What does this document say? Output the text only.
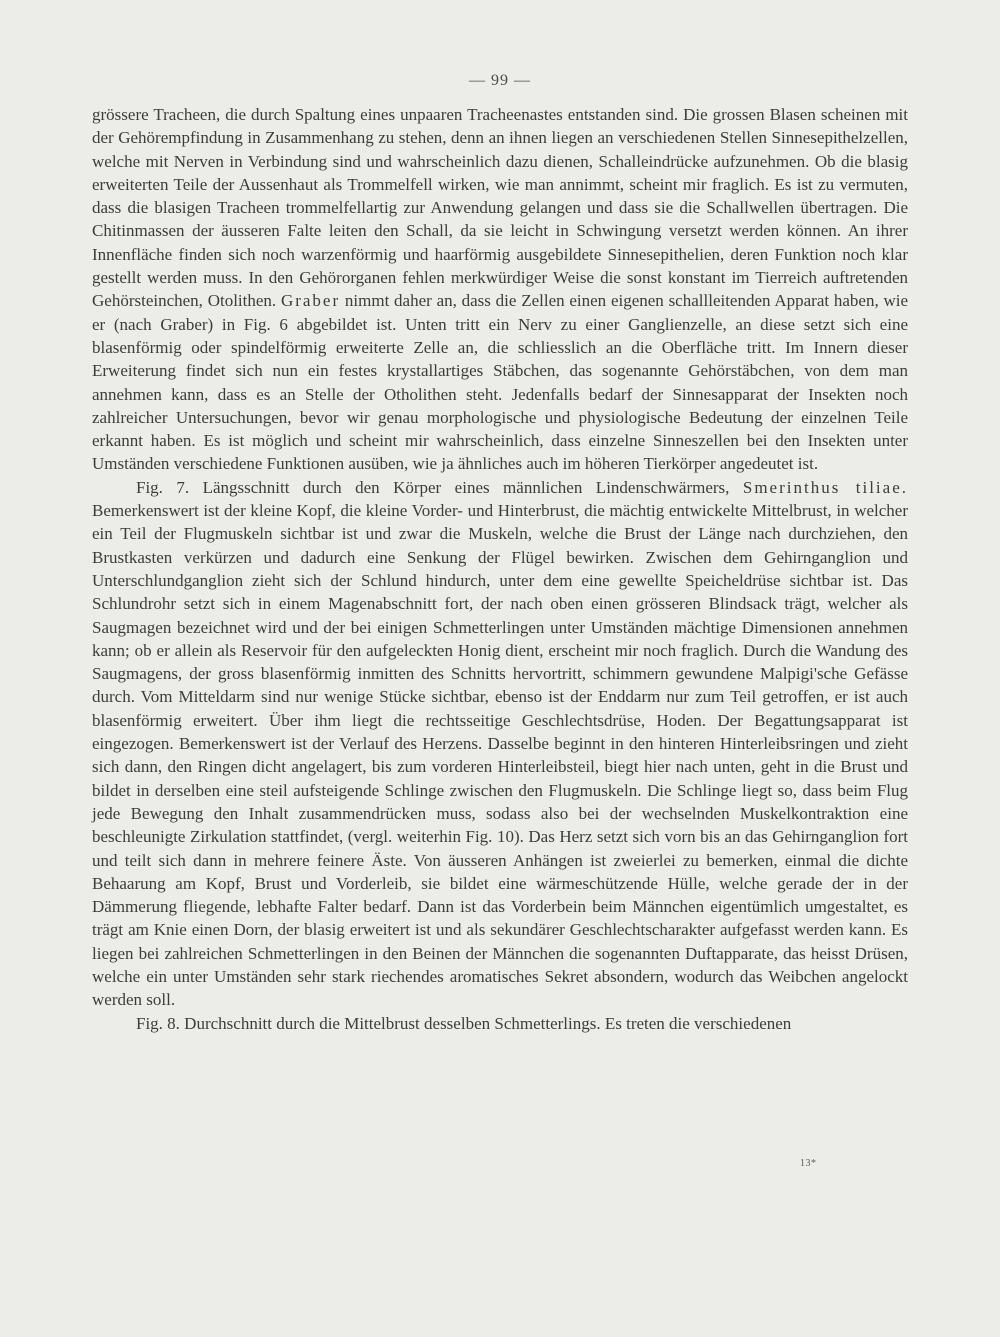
— 99 —

grössere Tracheen, die durch Spaltung eines unpaaren Tracheenastes entstanden sind. Die grossen Blasen scheinen mit der Gehörempfindung in Zusammenhang zu stehen, denn an ihnen liegen an verschiedenen Stellen Sinnesepithelzellen, welche mit Nerven in Verbindung sind und wahrscheinlich dazu dienen, Schalleindrücke aufzunehmen. Ob die blasig erweiterten Teile der Aussenhaut als Trommelfell wirken, wie man annimmt, scheint mir fraglich. Es ist zu vermuten, dass die blasigen Tracheen trommelfellartig zur Anwendung gelangen und dass sie die Schallwellen übertragen. Die Chitinmassen der äusseren Falte leiten den Schall, da sie leicht in Schwingung versetzt werden können. An ihrer Innenfläche finden sich noch warzenförmig und haarförmig ausgebildete Sinnesepithelien, deren Funktion noch klar gestellt werden muss. In den Gehörorganen fehlen merkwürdiger Weise die sonst konstant im Tierreich auftretenden Gehörsteinchen, Otolithen. Graber nimmt daher an, dass die Zellen einen eigenen schallleitenden Apparat haben, wie er (nach Graber) in Fig. 6 abgebildet ist. Unten tritt ein Nerv zu einer Ganglienzelle, an diese setzt sich eine blasenförmig oder spindelförmig erweiterte Zelle an, die schliesslich an die Oberfläche tritt. Im Innern dieser Erweiterung findet sich nun ein festes krystallartiges Stäbchen, das sogenannte Gehörstäbchen, von dem man annehmen kann, dass es an Stelle der Otholithen steht. Jedenfalls bedarf der Sinnesapparat der Insekten noch zahlreicher Untersuchungen, bevor wir genau morphologische und physiologische Bedeutung der einzelnen Teile erkannt haben. Es ist möglich und scheint mir wahrscheinlich, dass einzelne Sinneszellen bei den Insekten unter Umständen verschiedene Funktionen ausüben, wie ja ähnliches auch im höheren Tierkörper angedeutet ist.

Fig. 7. Längsschnitt durch den Körper eines männlichen Lindenschwärmers, Smerinthus tiliae. Bemerkenswert ist der kleine Kopf, die kleine Vorder- und Hinterbrust, die mächtig entwickelte Mittelbrust, in welcher ein Teil der Flugmuskeln sichtbar ist und zwar die Muskeln, welche die Brust der Länge nach durchziehen, den Brustkasten verkürzen und dadurch eine Senkung der Flügel bewirken. Zwischen dem Gehirnganglion und Unterschlundganglion zieht sich der Schlund hindurch, unter dem eine gewellte Speicheldrüse sichtbar ist. Das Schlundrohr setzt sich in einem Magenabschnitt fort, der nach oben einen grösseren Blindsack trägt, welcher als Saugmagen bezeichnet wird und der bei einigen Schmetterlingen unter Umständen mächtige Dimensionen annehmen kann; ob er allein als Reservoir für den aufgeleckten Honig dient, erscheint mir noch fraglich. Durch die Wandung des Saugmagens, der gross blasenförmig inmitten des Schnitts hervortritt, schimmern gewundene Malpigi'sche Gefässe durch. Vom Mitteldarm sind nur wenige Stücke sichtbar, ebenso ist der Enddarm nur zum Teil getroffen, er ist auch blasenförmig erweitert. Über ihm liegt die rechtsseitige Geschlechtsdrüse, Hoden. Der Begattungsapparat ist eingezogen. Bemerkenswert ist der Verlauf des Herzens. Dasselbe beginnt in den hinteren Hinterleibsringen und zieht sich dann, den Ringen dicht angelagert, bis zum vorderen Hinterleibsteil, biegt hier nach unten, geht in die Brust und bildet in derselben eine steil aufsteigende Schlinge zwischen den Flugmuskeln. Die Schlinge liegt so, dass beim Flug jede Bewegung den Inhalt zusammendrücken muss, sodass also bei der wechselnden Muskelkontraktion eine beschleunigte Zirkulation stattfindet, (vergl. weiterhin Fig. 10). Das Herz setzt sich vorn bis an das Gehirnganglion fort und teilt sich dann in mehrere feinere Äste. Von äusseren Anhängen ist zweierlei zu bemerken, einmal die dichte Behaarung am Kopf, Brust und Vorderleib, sie bildet eine wärmeschützende Hülle, welche gerade der in der Dämmerung fliegende, lebhafte Falter bedarf. Dann ist das Vorderbein beim Männchen eigentümlich umgestaltet, es trägt am Knie einen Dorn, der blasig erweitert ist und als sekundärer Geschlechtscharakter aufgefasst werden kann. Es liegen bei zahlreichen Schmetterlingen in den Beinen der Männchen die sogenannten Duftapparate, das heisst Drüsen, welche ein unter Umständen sehr stark riechendes aromatisches Sekret absondern, wodurch das Weibchen angelockt werden soll.

Fig. 8. Durchschnitt durch die Mittelbrust desselben Schmetterlings. Es treten die verschiedenen

13*
